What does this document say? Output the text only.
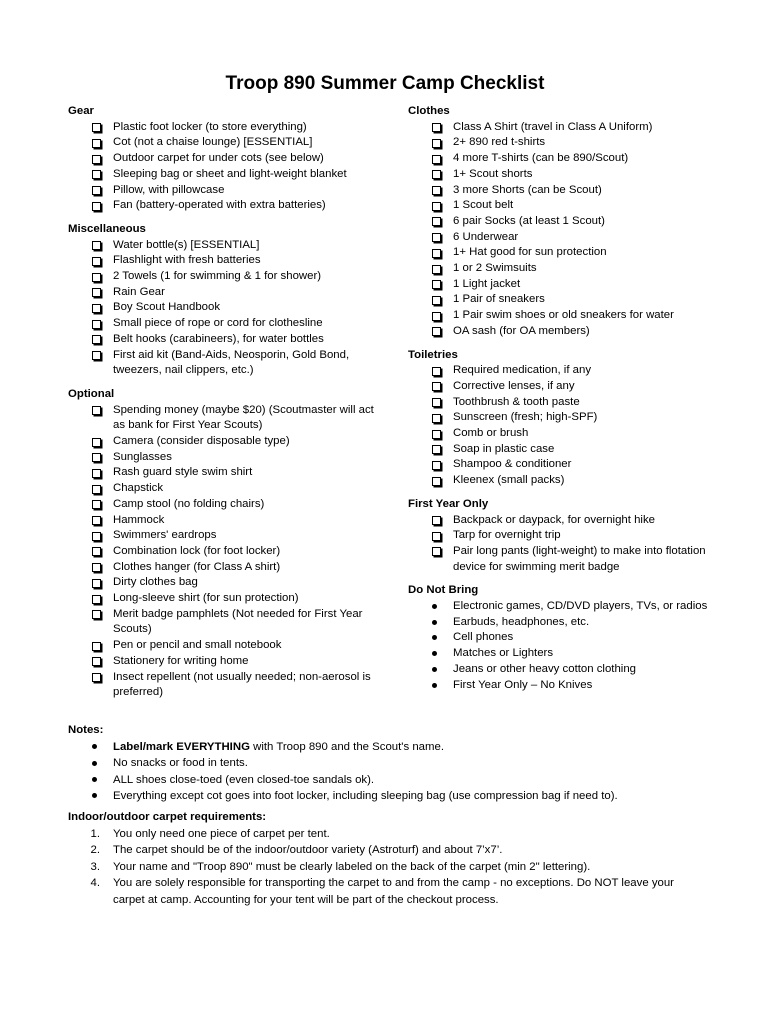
Troop 890 Summer Camp Checklist
Gear
Plastic foot locker (to store everything)
Cot (not a chaise lounge) [ESSENTIAL]
Outdoor carpet for under cots (see below)
Sleeping bag or sheet and light-weight blanket
Pillow, with pillowcase
Fan (battery-operated with extra batteries)
Miscellaneous
Water bottle(s) [ESSENTIAL]
Flashlight with fresh batteries
2 Towels (1 for swimming & 1 for shower)
Rain Gear
Boy Scout Handbook
Small piece of rope or cord for clothesline
Belt hooks (carabineers), for water bottles
First aid kit (Band-Aids, Neosporin, Gold Bond, tweezers, nail clippers, etc.)
Optional
Spending money (maybe $20) (Scoutmaster will act as bank for First Year Scouts)
Camera (consider disposable type)
Sunglasses
Rash guard style swim shirt
Chapstick
Camp stool (no folding chairs)
Hammock
Swimmers' eardrops
Combination lock (for foot locker)
Clothes hanger (for Class A shirt)
Dirty clothes bag
Long-sleeve shirt (for sun protection)
Merit badge pamphlets (Not needed for First Year Scouts)
Pen or pencil and small notebook
Stationery for writing home
Insect repellent (not usually needed; non-aerosol is preferred)
Clothes
Class A Shirt (travel in Class A Uniform)
2+ 890 red t-shirts
4 more T-shirts (can be 890/Scout)
1+ Scout shorts
3 more Shorts (can be Scout)
1 Scout belt
6 pair Socks (at least 1 Scout)
6 Underwear
1+ Hat good for sun protection
1 or 2 Swimsuits
1 Light jacket
1 Pair of sneakers
1 Pair swim shoes or old sneakers for water
OA sash (for OA members)
Toiletries
Required medication, if any
Corrective lenses, if any
Toothbrush & tooth paste
Sunscreen (fresh; high-SPF)
Comb or brush
Soap in plastic case
Shampoo & conditioner
Kleenex (small packs)
First Year Only
Backpack or daypack, for overnight hike
Tarp for overnight trip
Pair long pants (light-weight) to make into flotation device for swimming merit badge
Do Not Bring
Electronic games, CD/DVD players, TVs, or radios
Earbuds, headphones, etc.
Cell phones
Matches or Lighters
Jeans or other heavy cotton clothing
First Year Only – No Knives
Notes:
Label/mark EVERYTHING with Troop 890 and the Scout's name.
No snacks or food in tents.
ALL shoes close-toed (even closed-toe sandals ok).
Everything except cot goes into foot locker, including sleeping bag (use compression bag if need to).
Indoor/outdoor carpet requirements:
1. You only need one piece of carpet per tent.
2. The carpet should be of the indoor/outdoor variety (Astroturf) and about 7’x7’.
3. Your name and "Troop 890" must be clearly labeled on the back of the carpet (min 2" lettering).
4. You are solely responsible for transporting the carpet to and from the camp - no exceptions. Do NOT leave your carpet at camp. Accounting for your tent will be part of the checkout process.
